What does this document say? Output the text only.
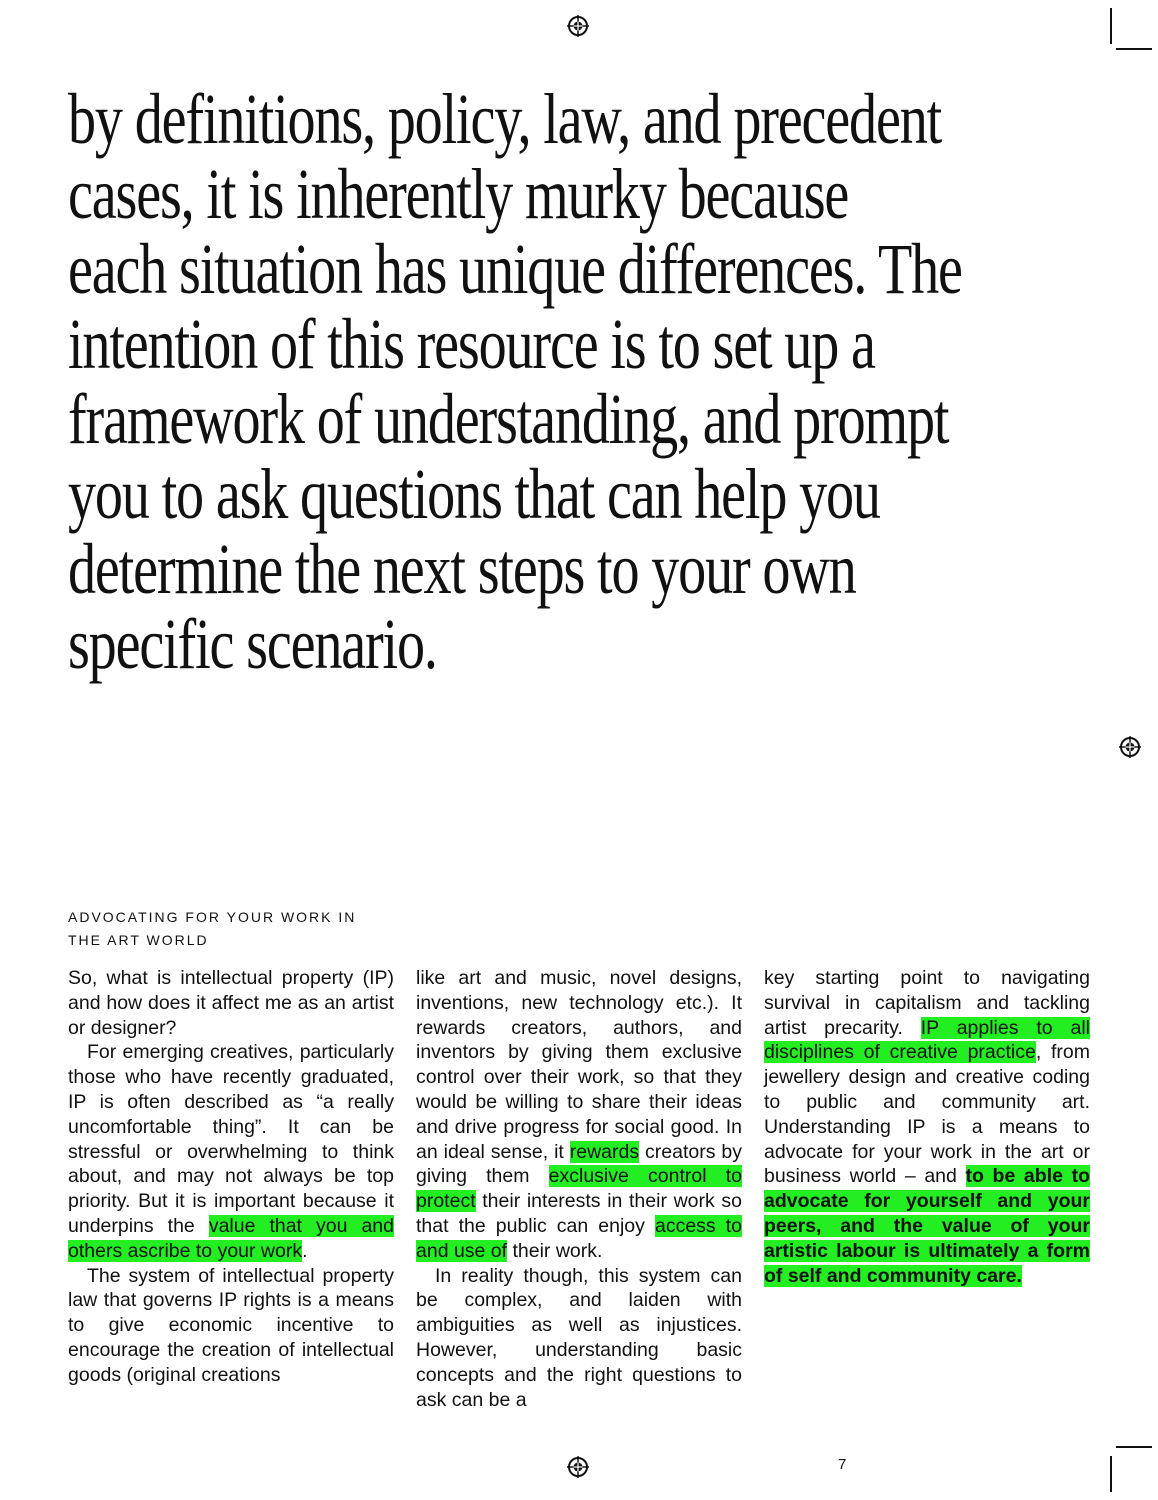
by definitions, policy, law, and precedent
cases, it is inherently murky because
each situation has unique differences. The
intention of this resource is to set up a
framework of understanding, and prompt
you to ask questions that can help you
determine the next steps to your own
specific scenario.
ADVOCATING FOR YOUR WORK IN
THE ART WORLD

So, what is intellectual property (IP) and how does it affect me as an artist or designer?

For emerging creatives, particularly those who have recently graduated, IP is often described as “a really uncomfortable thing”. It can be stressful or overwhelming to think about, and may not always be top priority. But it is important because it underpins the value that you and others ascribe to your work.

The system of intellectual property law that governs IP rights is a means to give economic incentive to encourage the creation of intellectual goods (original creations

like art and music, novel designs, inventions, new technology etc.). It rewards creators, authors, and inventors by giving them exclusive control over their work, so that they would be willing to share their ideas and drive progress for social good. In an ideal sense, it rewards creators by giving them exclusive control to protect their interests in their work so that the public can enjoy access to and use of their work.

In reality though, this system can be complex, and laiden with ambiguities as well as injustices. However, understanding basic concepts and the right questions to ask can be a

key starting point to navigating survival in capitalism and tackling artist precarity. IP applies to all disciplines of creative practice, from jewellery design and creative coding to public and community art. Understanding IP is a means to advocate for your work in the art or business world – and to be able to advocate for yourself and your peers, and the value of your artistic labour is ultimately a form of self and community care.

7
